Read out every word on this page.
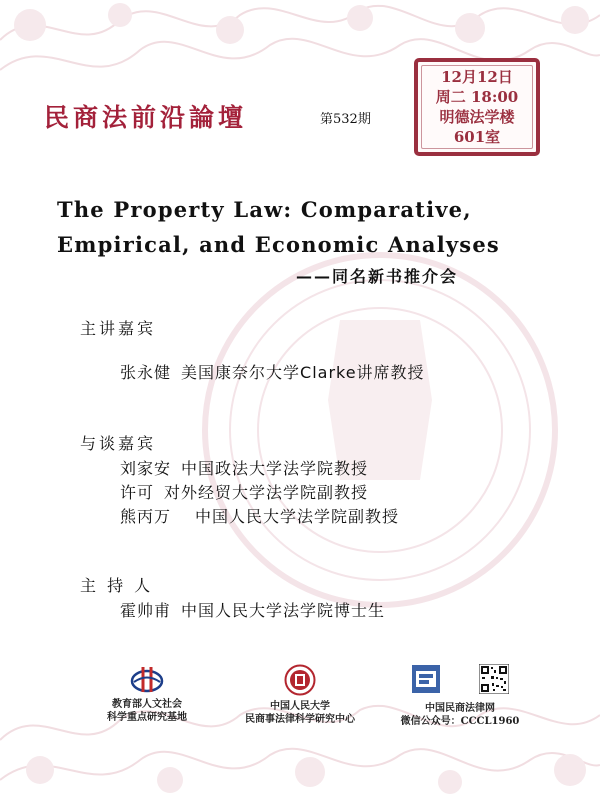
民商法前沿論壇	第532期
12月12日
周二 18:00
明德法学楼
601室
The Property Law: Comparative,
Empirical, and Economic Analyses
——同名新书推介会
主讲嘉宾
张永健 美国康奈尔大学Clarke讲席教授
与谈嘉宾
刘家安 中国政法大学法学院教授
许可 对外经贸大学法学院副教授
熊丙万 中国人民大学法学院副教授
主 持 人
霍帅甫 中国人民大学法学院博士生
教育部人文社会
科学重点研究基地
中国人民大学
民商事法律科学研究中心
中国民商法律网
微信公众号：CCCL1960
